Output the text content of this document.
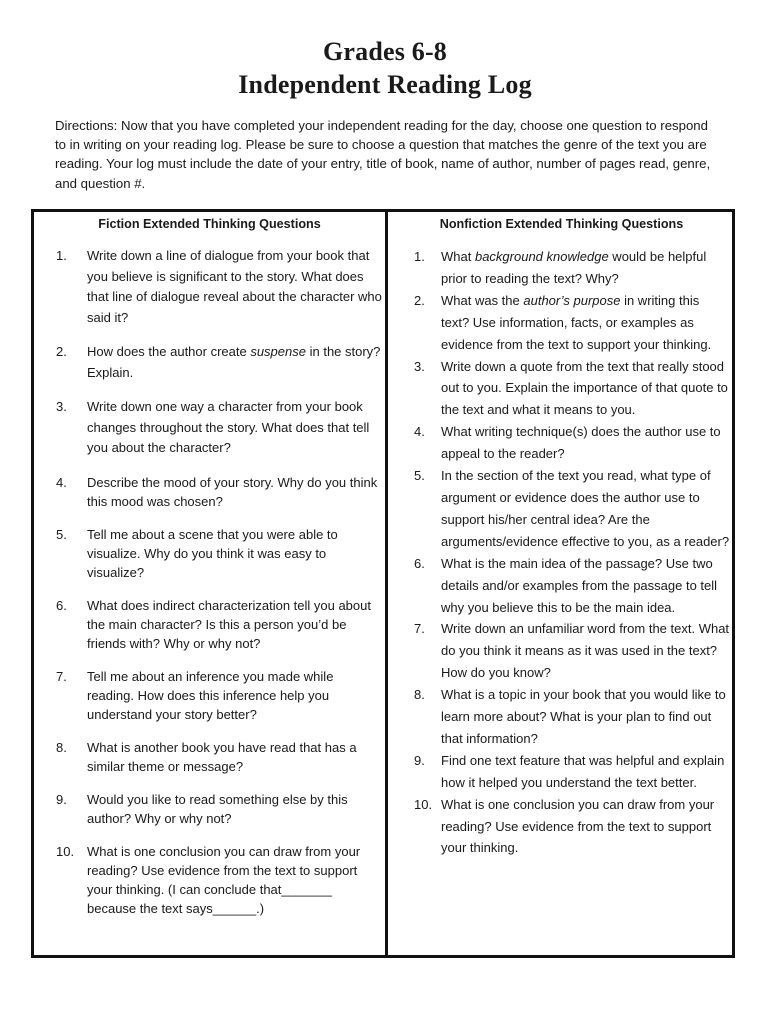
Grades 6-8
Independent Reading Log
Directions: Now that you have completed your independent reading for the day, choose one question to respond to in writing on your reading log. Please be sure to choose a question that matches the genre of the text you are reading. Your log must include the date of your entry, title of book, name of author, number of pages read, genre, and question #.
Fiction Extended Thinking Questions	Nonfiction Extended Thinking Questions
1. Write down a line of dialogue from your book that you believe is significant to the story. What does that line of dialogue reveal about the character who said it?
2. How does the author create suspense in the story? Explain.
3. Write down one way a character from your book changes throughout the story. What does that tell you about the character?
4. Describe the mood of your story. Why do you think this mood was chosen?
5. Tell me about a scene that you were able to visualize. Why do you think it was easy to visualize?
6. What does indirect characterization tell you about the main character? Is this a person you’d be friends with? Why or why not?
7. Tell me about an inference you made while reading. How does this inference help you understand your story better?
8. What is another book you have read that has a similar theme or message?
9. Would you like to read something else by this author? Why or why not?
10. What is one conclusion you can draw from your reading? Use evidence from the text to support your thinking. (I can conclude that_______ because the text says______.)
1. What background knowledge would be helpful prior to reading the text? Why?
2. What was the author’s purpose in writing this text? Use information, facts, or examples as evidence from the text to support your thinking.
3. Write down a quote from the text that really stood out to you. Explain the importance of that quote to the text and what it means to you.
4. What writing technique(s) does the author use to appeal to the reader?
5. In the section of the text you read, what type of argument or evidence does the author use to support his/her central idea? Are the arguments/evidence effective to you, as a reader?
6. What is the main idea of the passage? Use two details and/or examples from the passage to tell why you believe this to be the main idea.
7. Write down an unfamiliar word from the text. What do you think it means as it was used in the text? How do you know?
8. What is a topic in your book that you would like to learn more about? What is your plan to find out that information?
9. Find one text feature that was helpful and explain how it helped you understand the text better.
10. What is one conclusion you can draw from your reading? Use evidence from the text to support your thinking.
